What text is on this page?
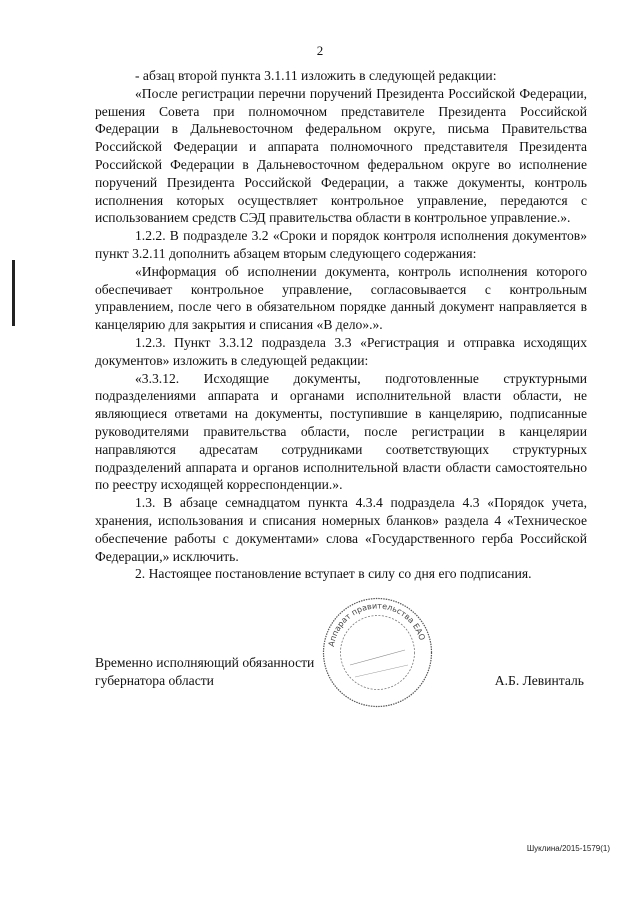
2

- абзац второй пункта 3.1.11 изложить в следующей редакции:

«После регистрации перечни поручений Президента Российской Федерации, решения Совета при полномочном представителе Президента Российской Федерации в Дальневосточном федеральном округе, письма Правительства Российской Федерации и аппарата полномочного представителя Президента Российской Федерации в Дальневосточном федеральном округе во исполнение поручений Президента Российской Федерации, а также документы, контроль исполнения которых осуществляет контрольное управление, передаются с использованием средств СЭД правительства области в контрольное управление.».

1.2.2. В подразделе 3.2 «Сроки и порядок контроля исполнения документов» пункт 3.2.11 дополнить абзацем вторым следующего содержания:

«Информация об исполнении документа, контроль исполнения которого обеспечивает контрольное управление, согласовывается с контрольным управлением, после чего в обязательном порядке данный документ направляется в канцелярию для закрытия и списания «В дело».».

1.2.3. Пункт 3.3.12 подраздела 3.3 «Регистрация и отправка исходящих документов» изложить в следующей редакции:

«3.3.12. Исходящие документы, подготовленные структурными подразделениями аппарата и органами исполнительной власти области, не являющиеся ответами на документы, поступившие в канцелярию, подписанные руководителями правительства области, после регистрации в канцелярии направляются адресатам сотрудниками соответствующих структурных подразделений аппарата и органов исполнительной власти области самостоятельно по реестру исходящей корреспонденции.».

1.3. В абзаце семнадцатом пункта 4.3.4 подраздела 4.3 «Порядок учета, хранения, использования и списания номерных бланков» раздела 4 «Техническое обеспечение работы с документами» слова «Государственного герба Российской Федерации,» исключить.

2. Настоящее постановление вступает в силу со дня его подписания.

Аппарат правительства ЕАО
Временно исполняющий обязанности
губернатора области	А.Б. Левинталь
Шуклина/2015-1579(1)
